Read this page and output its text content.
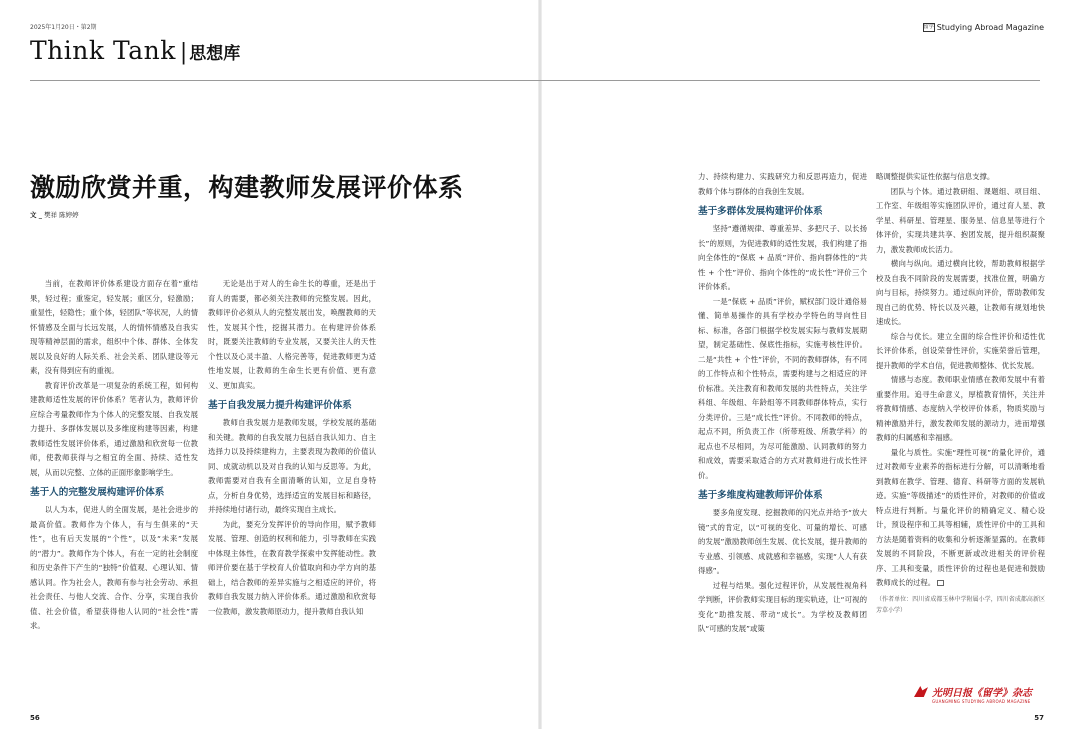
2025年1月20日・第2期
Think Tank | 思想库
留学 Studying Abroad Magazine
激励欣赏并重，构建教师发展评价体系
文 _ 樊祥 陈婷婷

当前，在教师评价体系建设方面存在着“重结果，轻过程；重鉴定，轻发展；重区分，轻激励；重显性，轻隐性；重个体，轻团队”等状况，人的情怀情感及全面与长远发展，人的情怀情感及自我实现等精神层面的需求，组织中个体、群体、全体发展以及良好的人际关系、社会关系、团队建设等元素，没有得到应有的重视。

教育评价改革是一项复杂的系统工程，如何构建教师适性发展的评价体系？笔者认为，教师评价应综合考量教师作为个体人的完整发展、自我发展力提升、多群体发展以及多维度构建等因素，构建教师适性发展评价体系，通过激励和欣赏每一位教师，使教师获得与之相宜的全面、持续、适性发展，从而以完整、立体的正面形象影响学生。

基于人的完整发展构建评价体系

以人为本，促进人的全面发展，是社会进步的最高价值。教师作为个体人，有与生俱来的“天性”，也有后天发展的“个性”，以及“未来”发展的“潜力”。教师作为个体人，有在一定的社会制度和历史条件下产生的“独特”价值观、心理认知、情感认同。作为社会人，教师有参与社会劳动、承担社会责任、与他人交流、合作、分享，实现自我价值、社会价值，希望获得他人认同的“社会性”需求。

无论是出于对人的生命生长的尊重，还是出于育人的需要，都必须关注教师的完整发展。因此，教师评价必须从人的完整发展出发，唤醒教师的天性，发展其个性，挖掘其潜力。在构建评价体系时，既要关注教师的专业发展，又要关注人的天性个性以及心灵丰盈、人格完善等，促进教师更为适性地发展，让教师的生命生长更有价值、更有意义、更加真实。

基于自我发展力提升构建评价体系

教师自我发展力是教师发展，学校发展的基础和关键。教师的自我发展力包括自我认知力、自主选择力以及持续建构力，主要表现为教师的价值认同、成就动机以及对自我的认知与反思等。为此，教师需要对自我有全面清晰的认知，立足自身特点，分析自身优势，选择适宜的发展目标和路径，并持续地付诸行动，最终实现自主成长。

为此，要充分发挥评价的导向作用，赋予教师发展、管理、创造的权利和能力，引导教师在实践中体现主体性，在教育教学探索中发挥能动性。教师评价要在基于学校育人价值取向和办学方向的基础上，结合教师的差异实施与之相适应的评价，将教师自我发展力纳入评价体系。通过激励和欣赏每一位教师，激发教师原动力，提升教师自我认知

力、持续构建力、实践研究力和反思再造力，促进教师个体与群体的自我创生发展。

基于多群体发展构建评价体系

坚持“遵循规律、尊重差异、多把尺子、以长扬长”的原则，为促进教师的适性发展，我们构建了指向全体性的“保底 + 品质”评价、指向群体性的“共性 + 个性”评价、指向个体性的“成长性”评价三个评价体系。

一是“保底 + 品质”评价，赋权部门设计通俗易懂、简单易操作的具有学校办学特色的导向性目标、标准，各部门根据学校发展实际与教师发展期望，制定基础性、保底性指标，实施考核性评价。二是“共性 + 个性”评价，不同的教师群体，有不同的工作特点和个性特点，需要构建与之相适应的评价标准。关注教育和教师发展的共性特点，关注学科组、年级组、年龄组等不同教师群体特点，实行分类评价。三是“成长性”评价。不同教师的特点，起点不同，所负责工作（所带班级、所教学科）的起点也不尽相同，为尽可能激励、认同教师的努力和成效，需要采取适合的方式对教师进行成长性评价。

基于多维度构建教师评价体系

要多角度发现、挖掘教师的闪光点并给予“放大镜”式的肯定，以“可视的变化、可量的增长、可感的发展”激励教师创生发展、优长发展，提升教师的专业感、引领感、成就感和幸福感，实现“人人有获得感”。

过程与结果。强化过程评价，从发展性视角科学判断，评价教师实现目标的现实轨迹，让“可视的变化”助推发展、带动“成长”。为学校及教师团队“可感的发展”或策

略调整提供实证性依据与信息支撑。

团队与个体。通过教研组、课题组、项目组、工作室、年级组等实施团队评价，通过育人星、教学星、科研星、管理星、服务星、信息星等进行个体评价，实现共建共享、抱团发展，提升组织凝聚力，激发教师成长活力。

横向与纵向。通过横向比较，帮助教师根据学校及自我不同阶段的发展需要，找准位置，明确方向与目标，持续努力。通过纵向评价，帮助教师发现自己的优势、特长以及兴趣，让教师有规划地快速成长。

综合与优长。建立全面的综合性评价和适性优长评价体系，创设荣誉性评价，实施荣誉后管理，提升教师的学术自信，促进教师整体、优长发展。

情感与态度。教师职业情感在教师发展中有着重要作用。追寻生命意义，厚植教育情怀，关注并将教师情感、态度纳入学校评价体系，物质奖励与精神激励并行，激发教师发展的源动力，进而增强教师的归属感和幸福感。

量化与质性。实施“理性可视”的量化评价，通过对教师专业素养的指标进行分解，可以清晰地看到教师在教学、管理、德育、科研等方面的发展轨迹。实施“等级描述”的质性评价，对教师的价值或特点进行判断。与量化评价的精确定义、精心设计，预设程序和工具等相辅，质性评价中的工具和方法是随着资料的收集和分析逐渐显露的。在教师发展的不同阶段，不断更新或改进相关的评价程序、工具和变量，质性评价的过程也是促进和鼓励教师成长的过程。

（作者单位：四川省成都玉林中学附属小学，四川省成都高新区芳草小学）

光明日报《留学》杂志
GUANGMING STUDYING ABROAD MAGAZINE
56	57
